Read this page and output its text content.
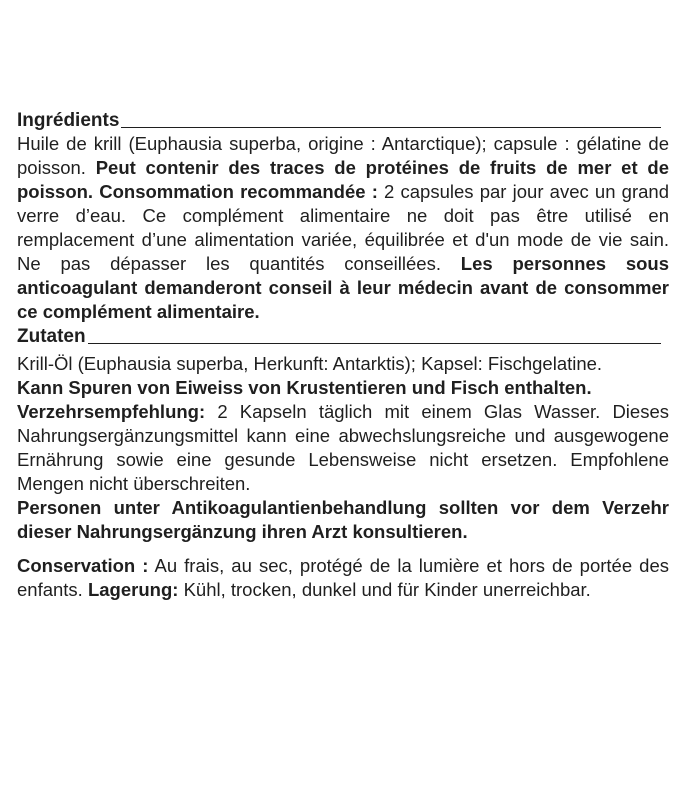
Ingrédients

Huile de krill (Euphausia superba, origine : Antarctique); capsule : gélatine de poisson. Peut contenir des traces de protéines de fruits de mer et de poisson. Consommation recommandée : 2 capsules par jour avec un grand verre d’eau. Ce complément alimentaire ne doit pas être utilisé en remplacement d’une alimentation variée, équilibrée et d'un mode de vie sain. Ne pas dépasser les quantités conseillées. Les personnes sous anticoagulant demanderont conseil à leur médecin avant de consommer ce complément alimentaire.

Zutaten

Krill-Öl (Euphausia superba, Herkunft: Antarktis); Kapsel: Fischgelatine.

Kann Spuren von Eiweiss von Krustentieren und Fisch enthalten.

Verzehrsempfehlung: 2 Kapseln täglich mit einem Glas Wasser. Dieses Nahrungsergänzungsmittel kann eine abwechslungsreiche und ausgewogene Ernährung sowie eine gesunde Lebensweise nicht ersetzen. Empfohlene Mengen nicht überschreiten.

Personen unter Antikoagulantienbehandlung sollten vor dem Verzehr dieser Nahrungsergänzung ihren Arzt konsultieren.

Conservation : Au frais, au sec, protégé de la lumière et hors de portée des enfants. Lagerung: Kühl, trocken, dunkel und für Kinder unerreichbar.
